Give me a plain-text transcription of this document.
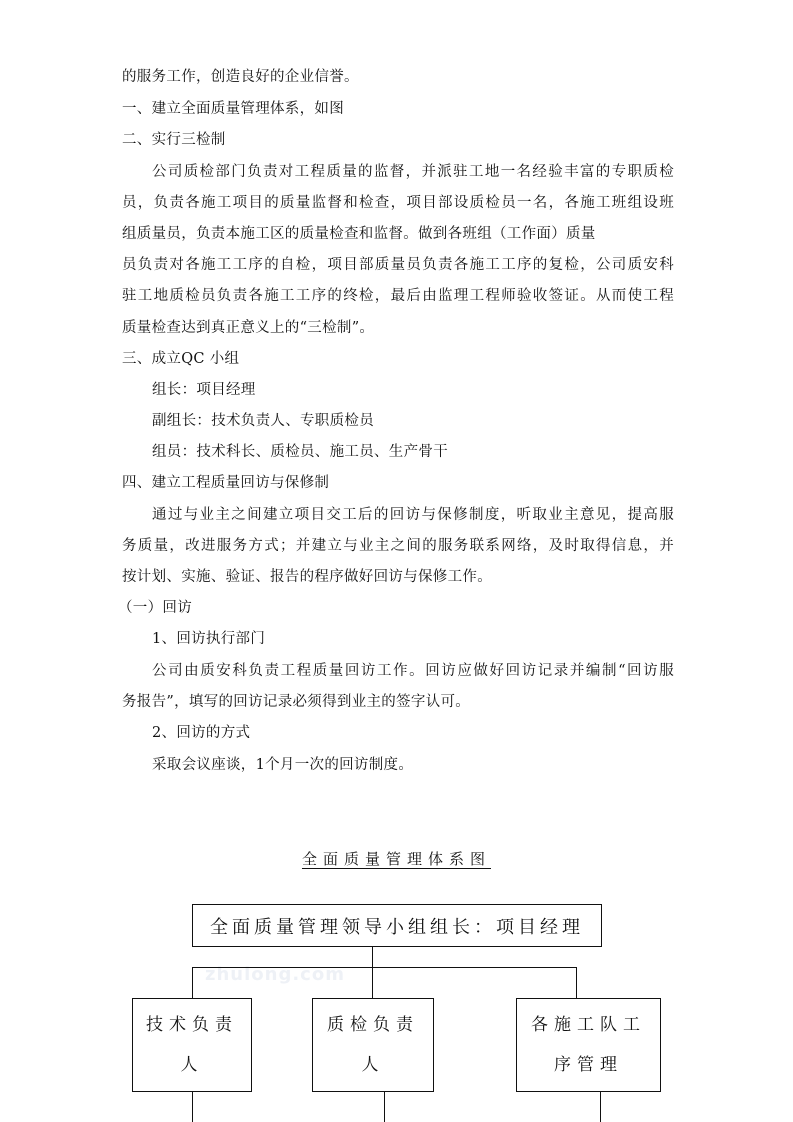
的服务工作，创造良好的企业信誉。
一、建立全面质量管理体系，如图
二、实行三检制
公司质检部门负责对工程质量的监督，并派驻工地一名经验丰富的专职质检
员，负责各施工项目的质量监督和检查，项目部设质检员一名，各施工班组设班
组质量员，负责本施工区的质量检查和监督。做到各班组（工作面）质量
员负责对各施工工序的自检，项目部质量员负责各施工工序的复检，公司质安科
驻工地质检员负责各施工工序的终检，最后由监理工程师验收签证。从而使工程
质量检查达到真正意义上的“三检制”。
三、成立QC 小组
组长：项目经理
副组长：技术负责人、专职质检员
组员：技术科长、质检员、施工员、生产骨干
四、建立工程质量回访与保修制
通过与业主之间建立项目交工后的回访与保修制度，听取业主意见，提高服
务质量，改进服务方式；并建立与业主之间的服务联系网络，及时取得信息，并
按计划、实施、验证、报告的程序做好回访与保修工作。
（一）回访
1、回访执行部门
公司由质安科负责工程质量回访工作。回访应做好回访记录并编制“回访服
务报告”，填写的回访记录必须得到业主的签字认可。
2、回访的方式
采取会议座谈，1个月一次的回访制度。
全面质量管理体系图
zhulong.com
全面质量管理领导小组组长：项目经理
技术负责
人
质检负责
人
各施工队工
序管理
